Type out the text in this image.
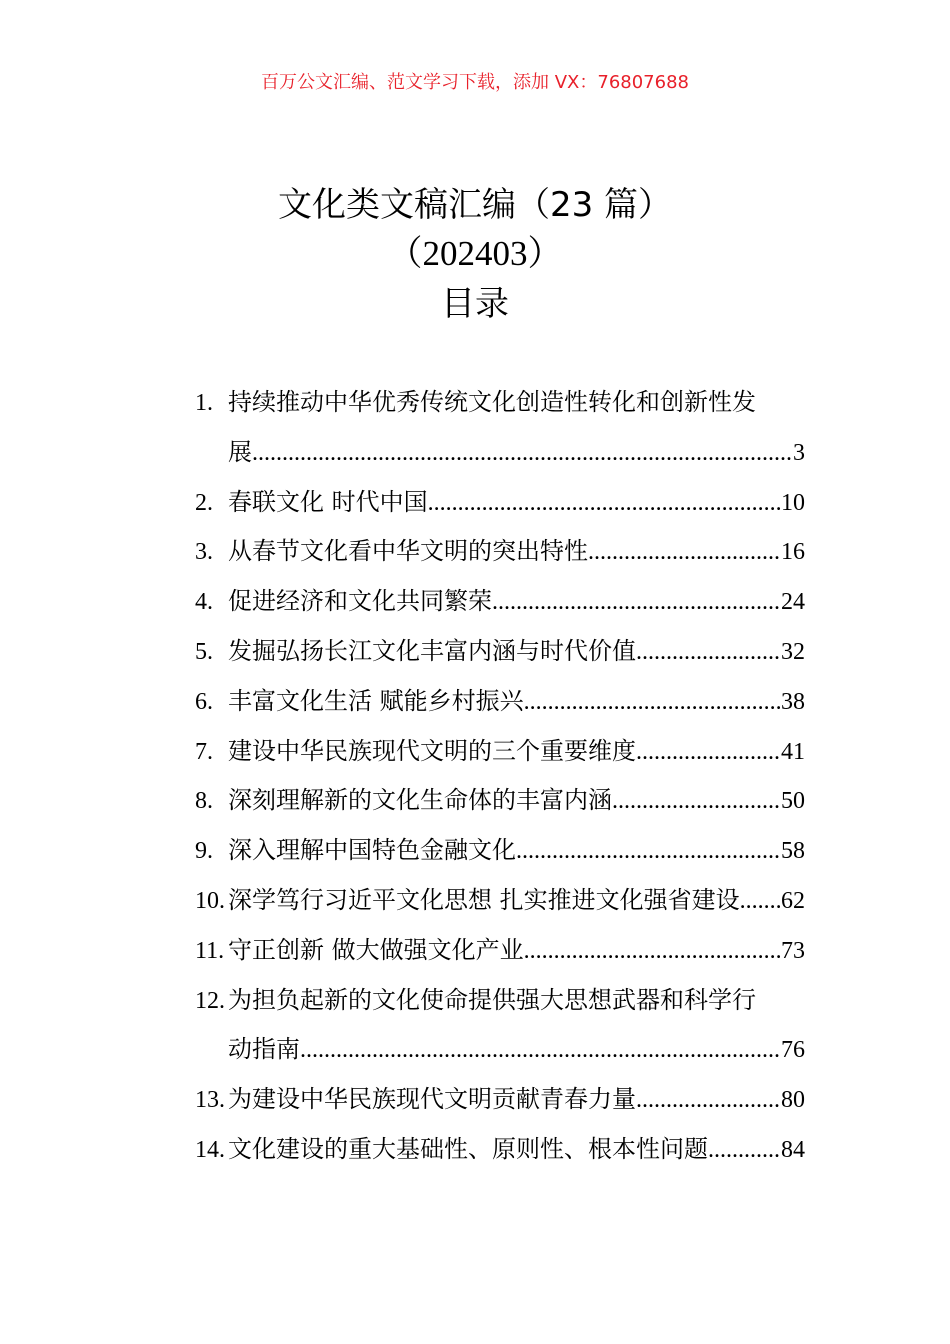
百万公文汇编、范文学习下载，添加 VX：76807688
文化类文稿汇编（23 篇）
（202403）
目录
1. 持续推动中华优秀传统文化创造性转化和创新性发
展 .....	3
2. 春联文化 时代中国 .....	10
3. 从春节文化看中华文明的突出特性 .....	16
4. 促进经济和文化共同繁荣 .....	24
5. 发掘弘扬长江文化丰富内涵与时代价值 .....	32
6. 丰富文化生活 赋能乡村振兴 .....	38
7. 建设中华民族现代文明的三个重要维度 .....	41
8. 深刻理解新的文化生命体的丰富内涵 .....	50
9. 深入理解中国特色金融文化 .....	58
10. 深学笃行习近平文化思想 扎实推进文化强省建设 ..... 62
11. 守正创新 做大做强文化产业 .....	73
12. 为担负起新的文化使命提供强大思想武器和科学行
动指南 .....	76
13. 为建设中华民族现代文明贡献青春力量 .....	80
14. 文化建设的重大基础性、原则性、根本性问题 .....	84
